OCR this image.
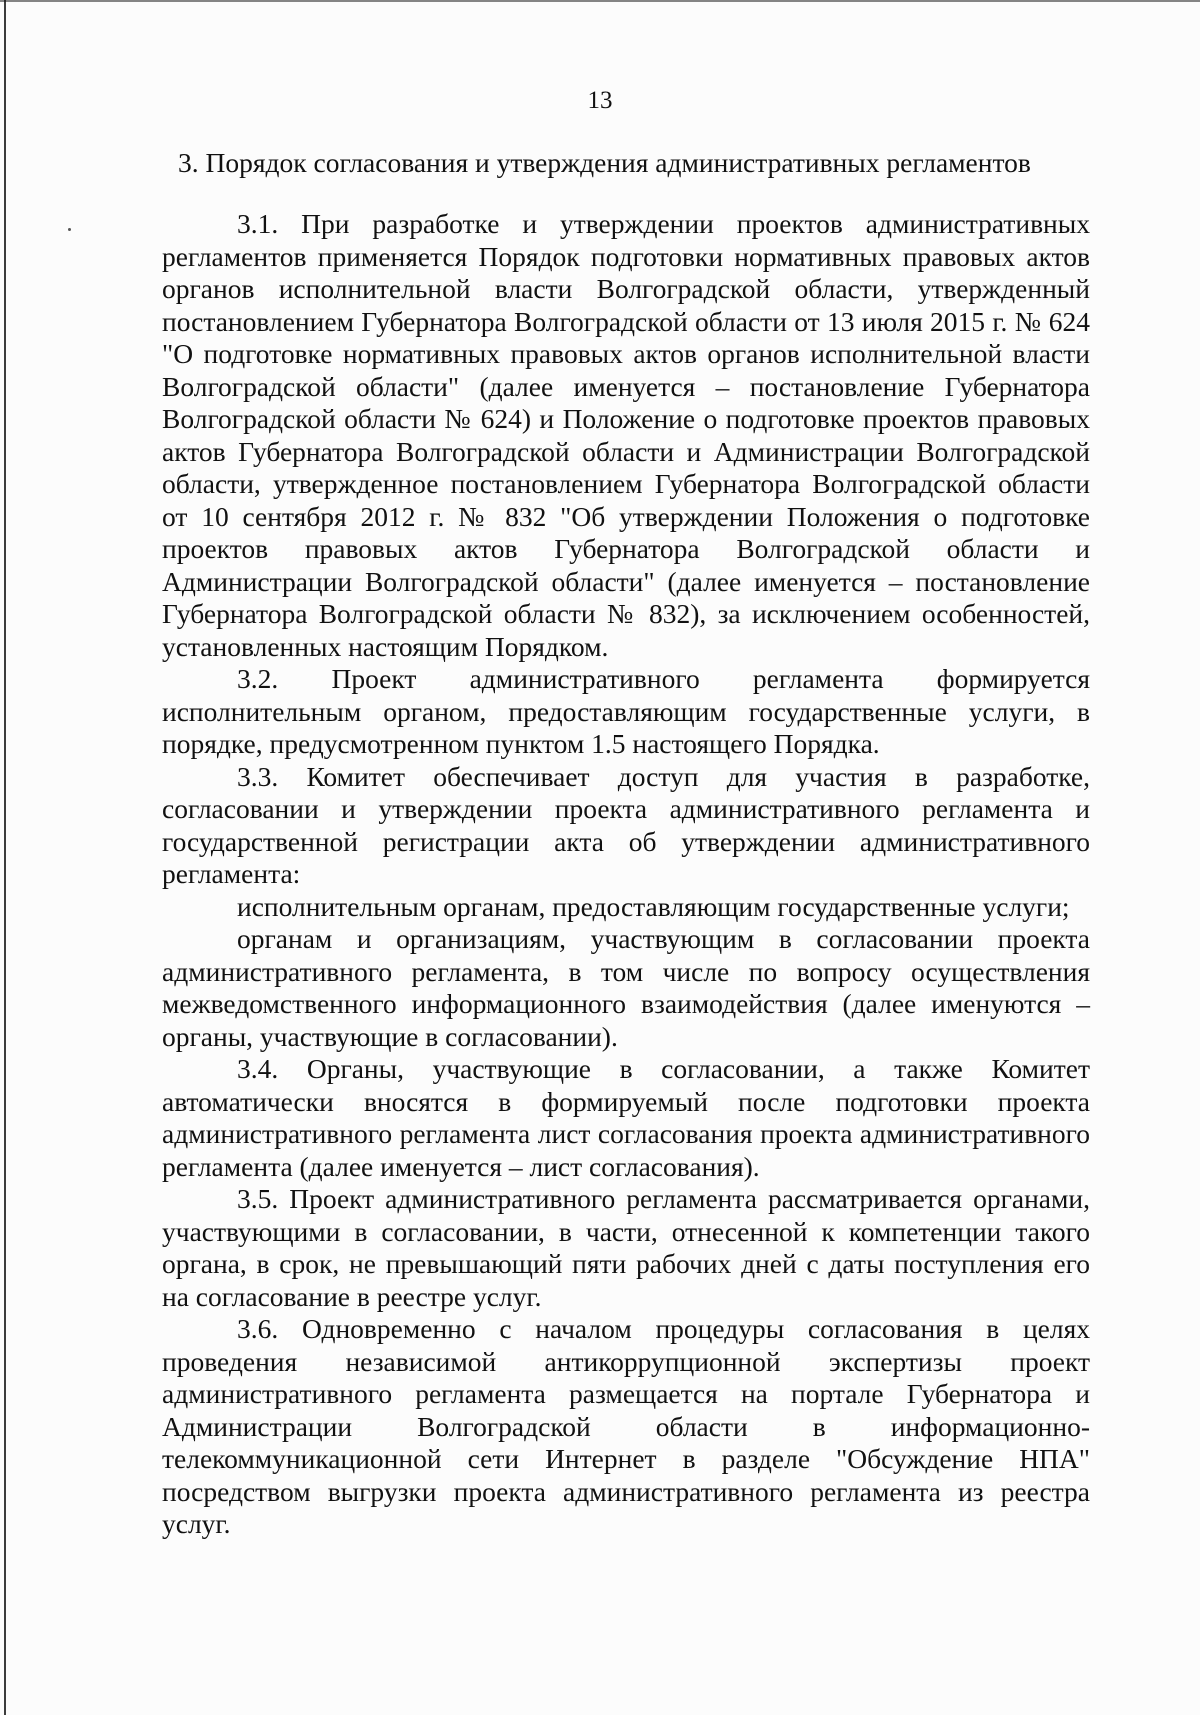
13
3. Порядок согласования и утверждения административных регламентов

3.1. При разработке и утверждении проектов административных регламентов применяется Порядок подготовки нормативных правовых актов органов исполнительной власти Волгоградской области, утвержденный постановлением Губернатора Волгоградской области от 13 июля 2015 г. № 624 "О подготовке нормативных правовых актов органов исполнительной власти Волгоградской области" (далее именуется – постановление Губернатора Волгоградской области № 624) и Положение о подготовке проектов правовых актов Губернатора Волгоградской области и Администрации Волгоградской области, утвержденное постановлением Губернатора Волгоградской области от 10 сентября 2012 г. № 832 "Об утверждении Положения о подготовке проектов правовых актов Губернатора Волгоградской области и Администрации Волгоградской области" (далее именуется – постановление Губернатора Волгоградской области № 832), за исключением особенностей, установленных настоящим Порядком.

3.2. Проект административного регламента формируется исполнительным органом, предоставляющим государственные услуги, в порядке, предусмотренном пунктом 1.5 настоящего Порядка.

3.3. Комитет обеспечивает доступ для участия в разработке, согласовании и утверждении проекта административного регламента и государственной регистрации акта об утверждении административного регламента:

исполнительным органам, предоставляющим государственные услуги;

органам и организациям, участвующим в согласовании проекта административного регламента, в том числе по вопросу осуществления межведомственного информационного взаимодействия (далее именуются – органы, участвующие в согласовании).

3.4. Органы, участвующие в согласовании, а также Комитет автоматически вносятся в формируемый после подготовки проекта административного регламента лист согласования проекта административного регламента (далее именуется – лист согласования).

3.5. Проект административного регламента рассматривается органами, участвующими в согласовании, в части, отнесенной к компетенции такого органа, в срок, не превышающий пяти рабочих дней с даты поступления его на согласование в реестре услуг.

3.6. Одновременно с началом процедуры согласования в целях проведения независимой антикоррупционной экспертизы проект административного регламента размещается на портале Губернатора и Администрации Волгоградской области в информационно-телекоммуникационной сети Интернет в разделе "Обсуждение НПА" посредством выгрузки проекта административного регламента из реестра услуг.
